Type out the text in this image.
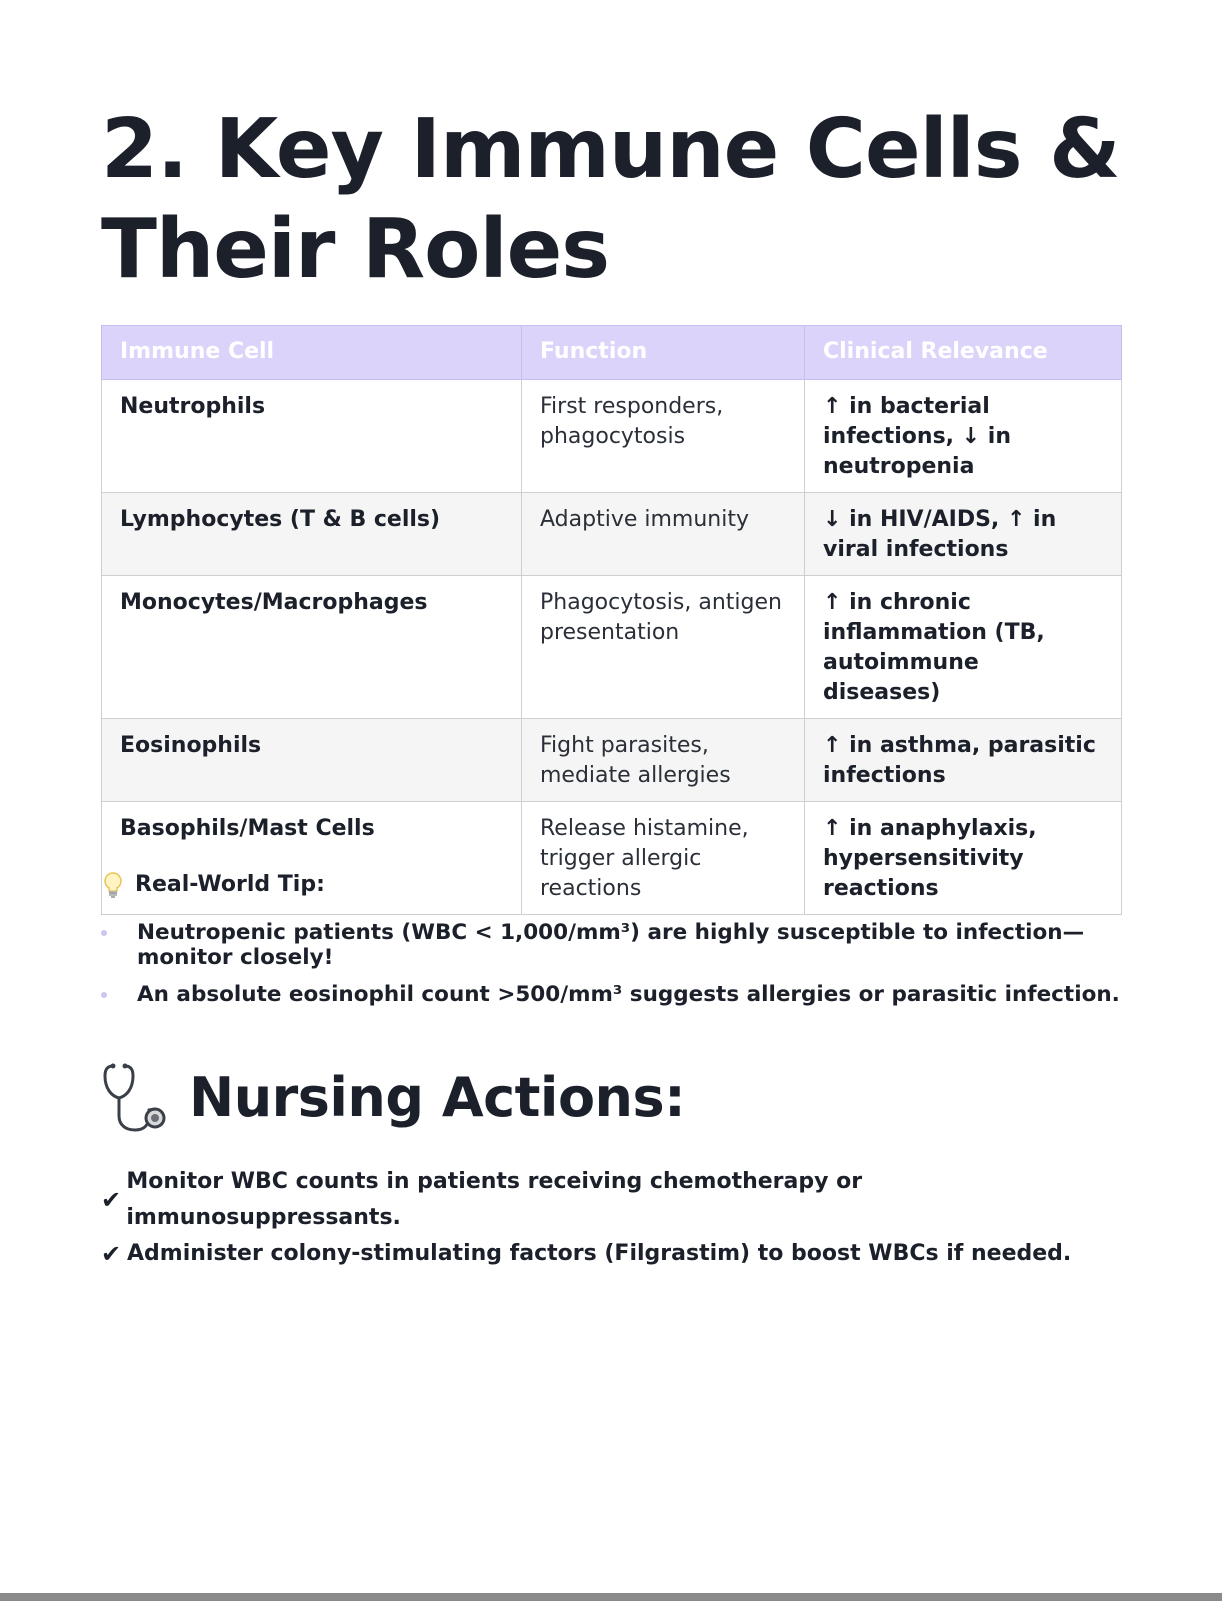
2. Key Immune Cells & Their Roles
Immune Cell	Function	Clinical Relevance
Neutrophils	First responders, phagocytosis	↑ in bacterial infections, ↓ in neutropenia
Lymphocytes (T & B cells)	Adaptive immunity	↓ in HIV/AIDS, ↑ in viral infections
Monocytes/Macrophages	Phagocytosis, antigen presentation	↑ in chronic inflammation (TB, autoimmune diseases)
Eosinophils	Fight parasites, mediate allergies	↑ in asthma, parasitic infections
Basophils/Mast Cells	Release histamine, trigger allergic reactions	↑ in anaphylaxis, hypersensitivity reactions
Real-World Tip:
Neutropenic patients (WBC < 1,000/mm³) are highly susceptible to infection—monitor closely!
An absolute eosinophil count >500/mm³ suggests allergies or parasitic infection.
Nursing Actions:
✔
Monitor WBC counts in patients receiving chemotherapy or immunosuppressants.
✔ Administer colony-stimulating factors (Filgrastim) to boost WBCs if needed.
